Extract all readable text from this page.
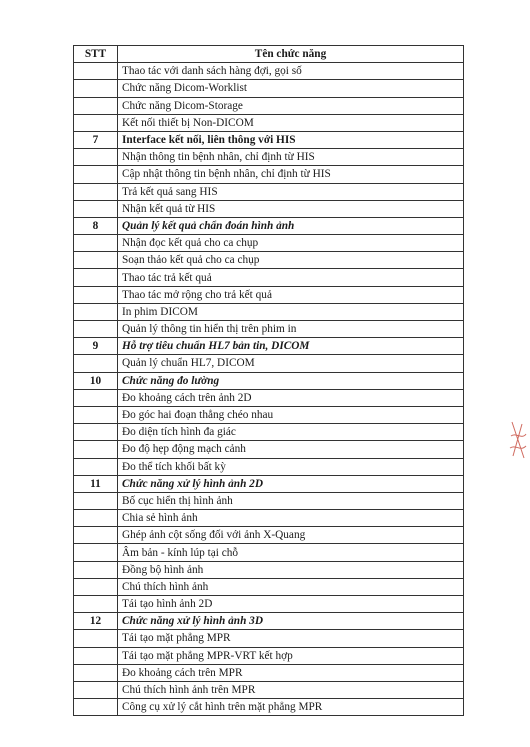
STT	Tên chức năng
	Thao tác với danh sách hàng đợi, gọi số
	Chức năng Dicom-Worklist
	Chức năng Dicom-Storage
	Kết nối thiết bị Non-DICOM
7	Interface kết nối, liên thông với HIS
	Nhận thông tin bệnh nhân, chỉ định từ HIS
	Cập nhật thông tin bệnh nhân, chỉ định từ HIS
	Trả kết quả sang HIS
	Nhận kết quả từ HIS
8	Quản lý kết quả chẩn đoán hình ảnh
	Nhận đọc kết quả cho ca chụp
	Soạn thảo kết quả cho ca chụp
	Thao tác trả kết quả
	Thao tác mở rộng cho trả kết quả
	In phim DICOM
	Quản lý thông tin hiển thị trên phim in
9	Hỗ trợ tiêu chuẩn HL7 bản tin, DICOM
	Quản lý chuẩn HL7, DICOM
10	Chức năng đo lường
	Đo khoảng cách trên ảnh 2D
	Đo góc hai đoạn thẳng chéo nhau
	Đo diện tích hình đa giác
	Đo độ hẹp động mạch cảnh
	Đo thể tích khối bất kỳ
11	Chức năng xử lý hình ảnh 2D
	Bố cục hiển thị hình ảnh
	Chia sẻ hình ảnh
	Ghép ảnh cột sống đối với ảnh X-Quang
	Âm bản - kính lúp tại chỗ
	Đồng bộ hình ảnh
	Chú thích hình ảnh
	Tái tạo hình ảnh 2D
12	Chức năng xử lý hình ảnh 3D
	Tái tạo mặt phẳng MPR
	Tái tạo mặt phẳng MPR-VRT kết hợp
	Đo khoảng cách trên MPR
	Chú thích hình ảnh trên MPR
	Công cụ xử lý cắt hình trên mặt phẳng MPR
